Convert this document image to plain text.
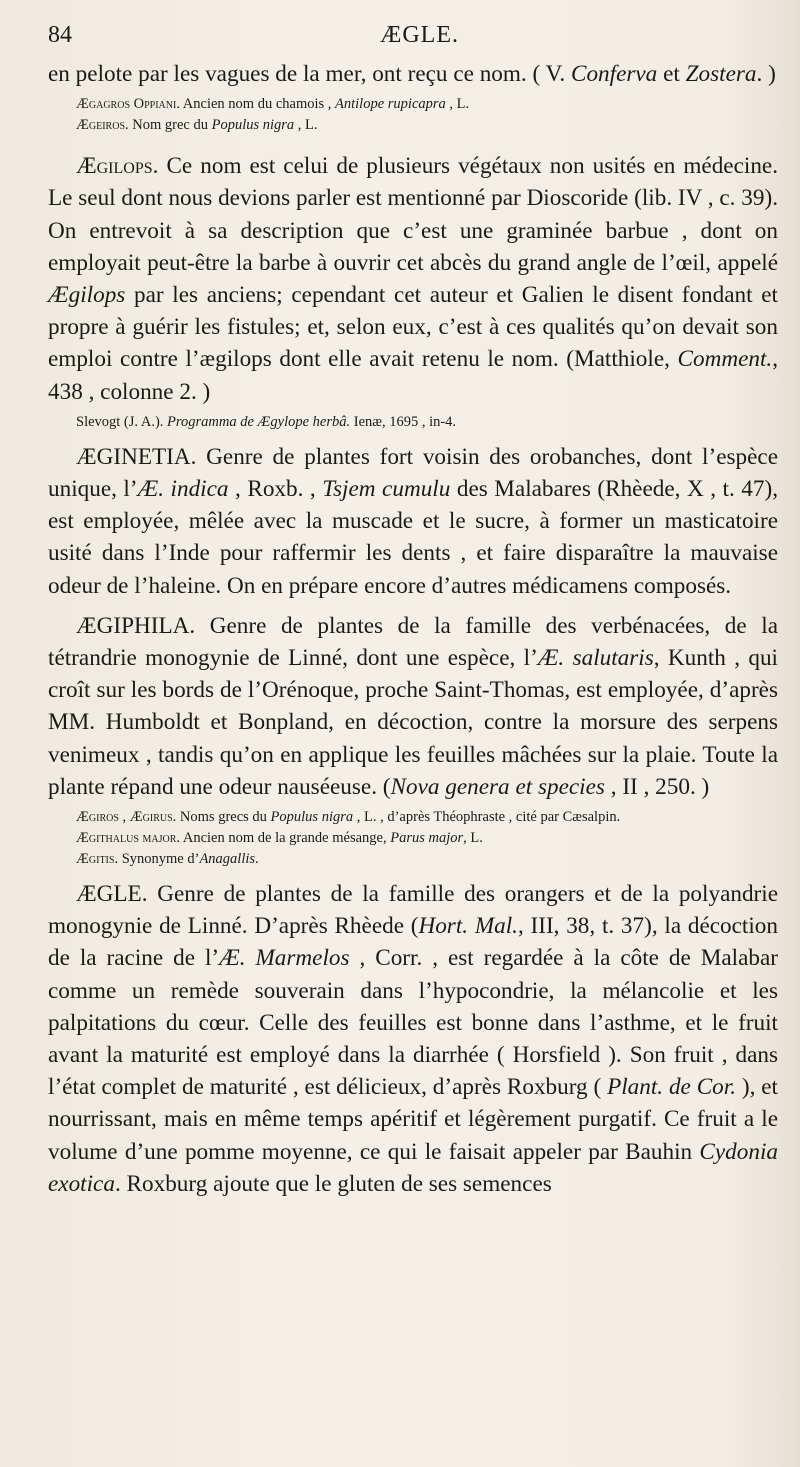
84	ÆGLE.

en pelote par les vagues de la mer, ont reçu ce nom. ( V. Conferva et Zostera. )

Ægagros Oppiani. Ancien nom du chamois , Antilope rupicapra , L.

Ægeiros. Nom grec du Populus nigra , L.

Ægilops. Ce nom est celui de plusieurs végétaux non usités en médecine. Le seul dont nous devions parler est mentionné par Dioscoride (lib. IV , c. 39). On entrevoit à sa description que c’est une graminée barbue , dont on employait peut-être la barbe à ouvrir cet abcès du grand angle de l’œil, appelé Ægilops par les anciens; cependant cet auteur et Galien le disent fondant et propre à guérir les fistules; et, selon eux, c’est à ces qualités qu’on devait son emploi contre l’ægilops dont elle avait retenu le nom. (Matthiole, Comment., 438 , colonne 2. )

Slevogt (J. A.). Programma de Ægylope herbâ. Ienæ, 1695 , in-4.

ÆGINETIA. Genre de plantes fort voisin des orobanches, dont l’espèce unique, l’Æ. indica , Roxb. , Tsjem cumulu des Malabares (Rhèede, X , t. 47), est employée, mêlée avec la muscade et le sucre, à former un masticatoire usité dans l’Inde pour raffermir les dents , et faire disparaître la mauvaise odeur de l’haleine. On en prépare encore d’autres médicamens composés.

ÆGIPHILA. Genre de plantes de la famille des verbénacées, de la tétrandrie monogynie de Linné, dont une espèce, l’Æ. salutaris, Kunth , qui croît sur les bords de l’Orénoque, proche Saint-Thomas, est employée, d’après MM. Humboldt et Bonpland, en décoction, contre la morsure des serpens venimeux , tandis qu’on en applique les feuilles mâchées sur la plaie. Toute la plante répand une odeur nauséeuse. (Nova genera et species , II , 250. )

Ægiros , Ægirus. Noms grecs du Populus nigra , L. , d’après Théophraste , cité par Cæsalpin.

Ægithalus major. Ancien nom de la grande mésange, Parus major, L.

Ægitis. Synonyme d’Anagallis.

ÆGLE. Genre de plantes de la famille des orangers et de la polyandrie monogynie de Linné. D’après Rhèede (Hort. Mal., III, 38, t. 37), la décoction de la racine de l’Æ. Marmelos , Corr. , est regardée à la côte de Malabar comme un remède souverain dans l’hypocondrie, la mélancolie et les palpitations du cœur. Celle des feuilles est bonne dans l’asthme, et le fruit avant la maturité est employé dans la diarrhée ( Horsfield ). Son fruit , dans l’état complet de maturité , est délicieux, d’après Roxburg ( Plant. de Cor. ), et nourrissant, mais en même temps apéritif et légèrement purgatif. Ce fruit a le volume d’une pomme moyenne, ce qui le faisait appeler par Bauhin Cydonia exotica. Roxburg ajoute que le gluten de ses semences
